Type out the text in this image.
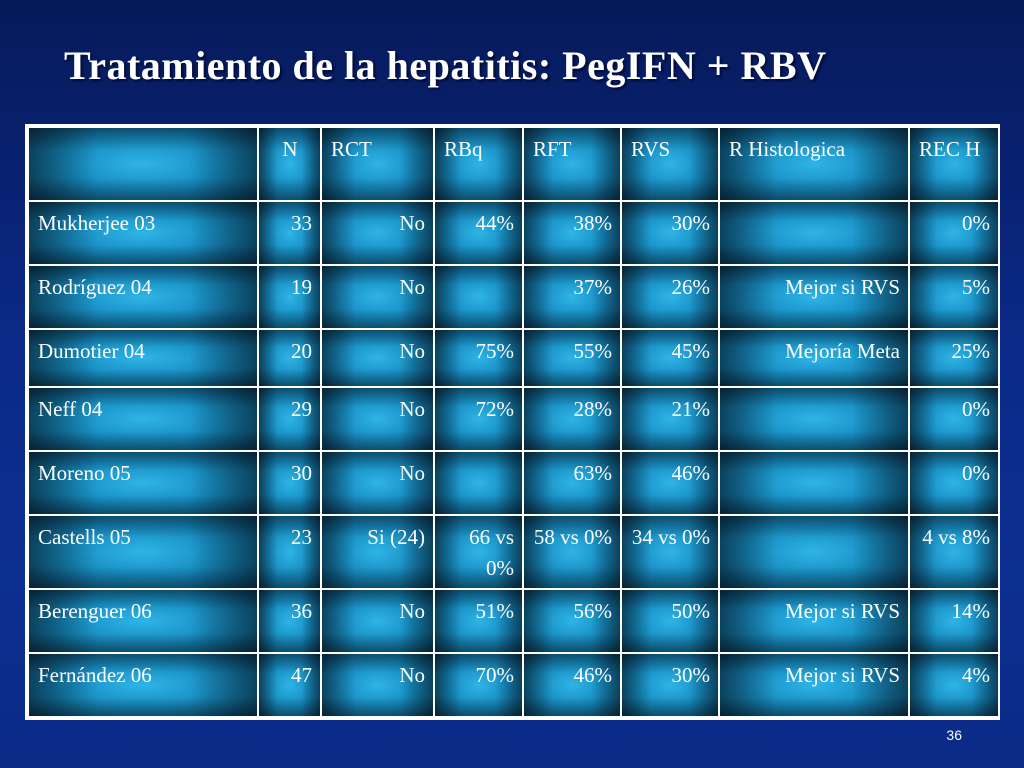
Tratamiento de la hepatitis: PegIFN + RBV
	N	RCT	RBq	RFT	RVS	R Histologica	REC H
Mukherjee 03	33	No	44%	38%	30%		0%
Rodríguez 04	19	No		37%	26%	Mejor si RVS	5%
Dumotier 04	20	No	75%	55%	45%	Mejoría Meta	25%
Neff 04	29	No	72%	28%	21%		0%
Moreno 05	30	No		63%	46%		0%
Castells 05	23	Si (24)	66 vs 0%	58 vs 0%	34 vs 0%		4 vs 8%
Berenguer 06	36	No	51%	56%	50%	Mejor si RVS	14%
Fernández 06	47	No	70%	46%	30%	Mejor si RVS	4%
36
